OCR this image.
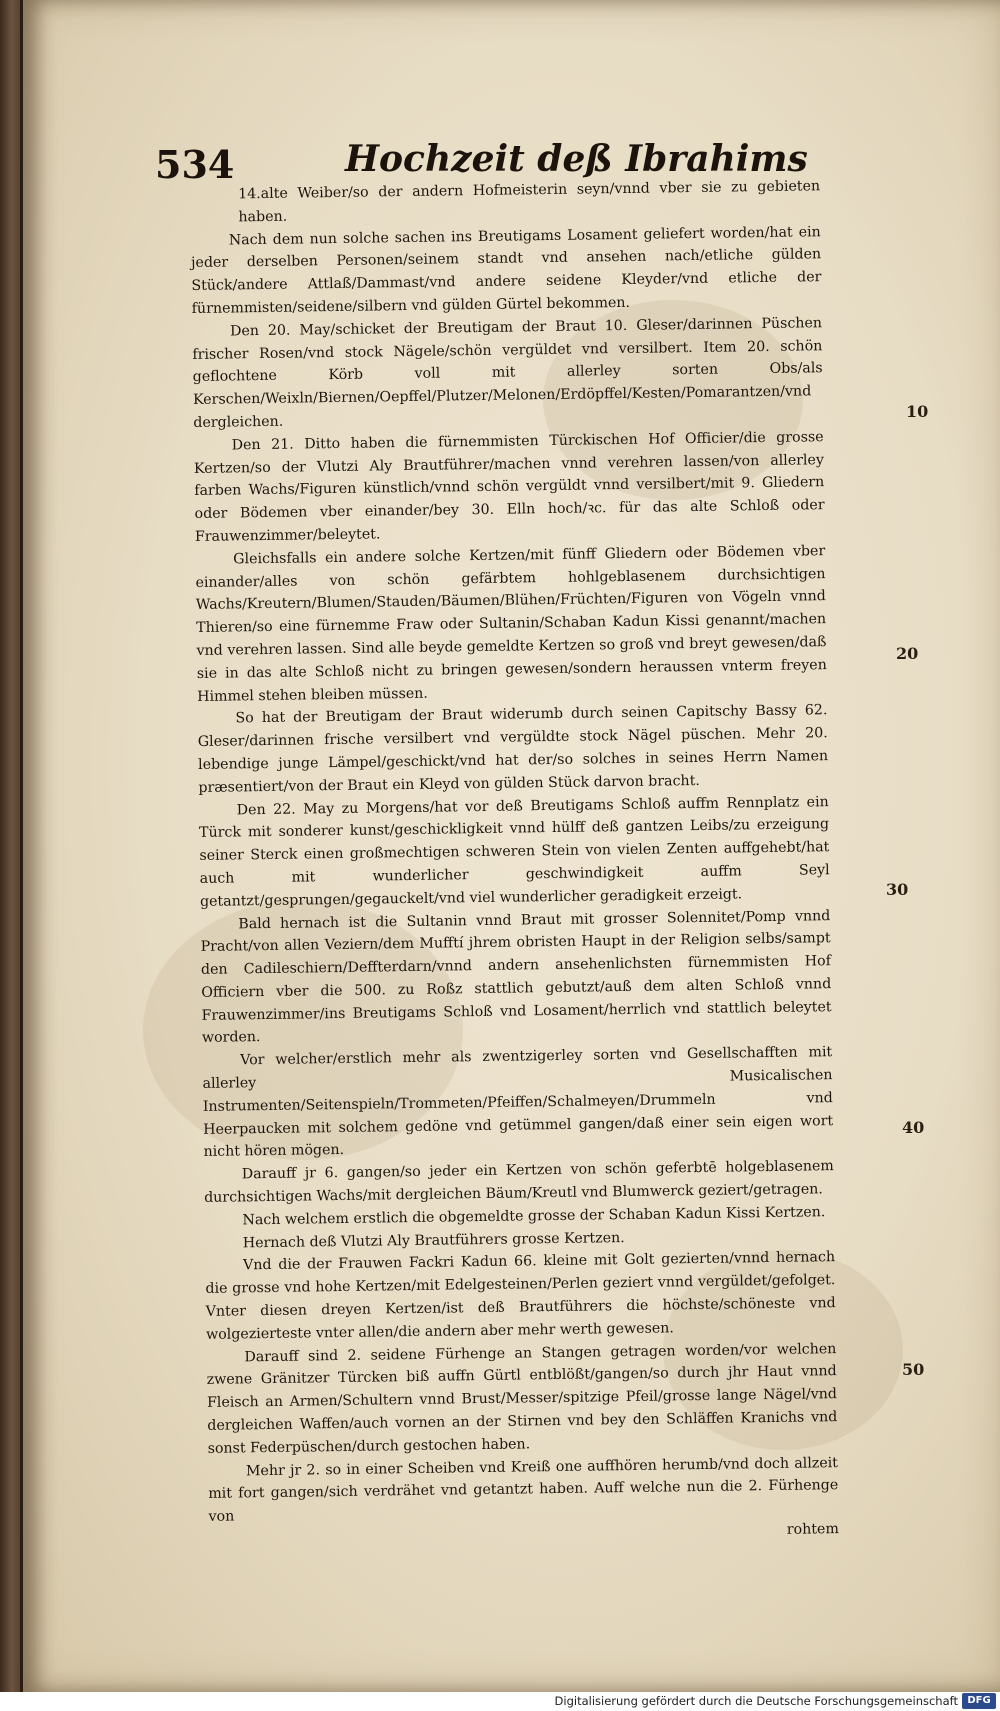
534	Hochzeit deß Ibrahims

14.alte Weiber/so der andern Hofmeisterin seyn/vnnd vber sie zu gebieten haben.

Nach dem nun solche sachen ins Breutigams Losament geliefert worden/hat ein jeder derselben Personen/seinem standt vnd ansehen nach/etliche gülden Stück/andere Attlaß/Dammast/vnd andere seidene Kleyder/vnd etliche der fürnemmisten/seidene/silbern vnd gülden Gürtel bekommen.

Den 20. May/schicket der Breutigam der Braut 10. Gleser/darinnen Püschen frischer Rosen/vnd stock Nägele/schön vergüldet vnd versilbert. Item 20. schön geflochtene Körb voll mit allerley sorten Obs/als Kerschen/Weixln/Biernen/Oepffel/Plutzer/Melonen/Erdöpffel/Kesten/Pomarantzen/vnd dergleichen.

Den 21. Ditto haben die fürnemmisten Türckischen Hof Officier/die grosse Kertzen/so der Vlutzi Aly Brautführer/machen vnnd verehren lassen/von allerley farben Wachs/Figuren künstlich/vnnd schön vergüldt vnnd versilbert/mit 9. Gliedern oder Bödemen vber einander/bey 30. Elln hoch/ꝛc. für das alte Schloß oder Frauwenzimmer/beleytet.

Gleichsfalls ein andere solche Kertzen/mit fünff Gliedern oder Bödemen vber einander/alles von schön gefärbtem hohlgeblasenem durchsichtigen Wachs/Kreutern/Blumen/Stauden/Bäumen/Blühen/Früchten/Figuren von Vögeln vnnd Thieren/so eine fürnemme Fraw oder Sultanin/Schaban Kadun Kissi genannt/machen vnd verehren lassen. Sind alle beyde gemeldte Kertzen so groß vnd breyt gewesen/daß sie in das alte Schloß nicht zu bringen gewesen/sondern heraussen vnterm freyen Himmel stehen bleiben müssen.

So hat der Breutigam der Braut widerumb durch seinen Capitschy Bassy 62. Gleser/darinnen frische versilbert vnd vergüldte stock Nägel püschen. Mehr 20. lebendige junge Lämpel/geschickt/vnd hat der/so solches in seines Herrn Namen præsentiert/von der Braut ein Kleyd von gülden Stück darvon bracht.

Den 22. May zu Morgens/hat vor deß Breutigams Schloß auffm Rennplatz ein Türck mit sonderer kunst/geschickligkeit vnnd hülff deß gantzen Leibs/zu erzeigung seiner Sterck einen großmechtigen schweren Stein von vielen Zenten auffgehebt/hat auch mit wunderlicher geschwindigkeit auffm Seyl getantzt/gesprungen/gegauckelt/vnd viel wunderlicher geradigkeit erzeigt.

Bald hernach ist die Sultanin vnnd Braut mit grosser Solennitet/Pomp vnnd Pracht/von allen Veziern/dem Mufftí jhrem obristen Haupt in der Religion selbs/sampt den Cadileschiern/Deffterdarn/vnnd andern ansehenlichsten fürnemmisten Hof Officiern vber die 500. zu Roßz stattlich gebutzt/auß dem alten Schloß vnnd Frauwenzimmer/ins Breutigams Schloß vnd Losament/herrlich vnd stattlich beleytet worden.

Vor welcher/erstlich mehr als zwentzigerley sorten vnd Gesellschafften mit allerley Musicalischen Instrumenten/Seitenspieln/Trommeten/Pfeiffen/Schalmeyen/Drummeln vnd Heerpaucken mit solchem gedöne vnd getümmel gangen/daß einer sein eigen wort nicht hören mögen.

Darauff jr 6. gangen/so jeder ein Kertzen von schön geferbtē holgeblasenem durchsichtigen Wachs/mit dergleichen Bäum/Kreutl vnd Blumwerck geziert/getragen.

Nach welchem erstlich die obgemeldte grosse der Schaban Kadun Kissi Kertzen.

Hernach deß Vlutzi Aly Brautführers grosse Kertzen.

Vnd die der Frauwen Fackri Kadun 66. kleine mit Golt gezierten/vnnd hernach die grosse vnd hohe Kertzen/mit Edelgesteinen/Perlen geziert vnnd vergüldet/gefolget. Vnter diesen dreyen Kertzen/ist deß Brautführers die höchste/schöneste vnd wolgezierteste vnter allen/die andern aber mehr werth gewesen.

Darauff sind 2. seidene Fürhenge an Stangen getragen worden/vor welchen zwene Gränitzer Türcken biß auffn Gürtl entblößt/gangen/so durch jhr Haut vnnd Fleisch an Armen/Schultern vnnd Brust/Messer/spitzige Pfeil/grosse lange Nägel/vnd dergleichen Waffen/auch vornen an der Stirnen vnd bey den Schläffen Kranichs vnd sonst Federpüschen/durch gestochen haben.

Mehr jr 2. so in einer Scheiben vnd Kreiß one auffhören herumb/vnd doch allzeit mit fort gangen/sich verdrähet vnd getantzt haben. Auff welche nun die 2. Fürhenge von

rohtem

10
20
30
40
50
Digitalisierung gefördert durch die Deutsche Forschungsgemeinschaft DFG
